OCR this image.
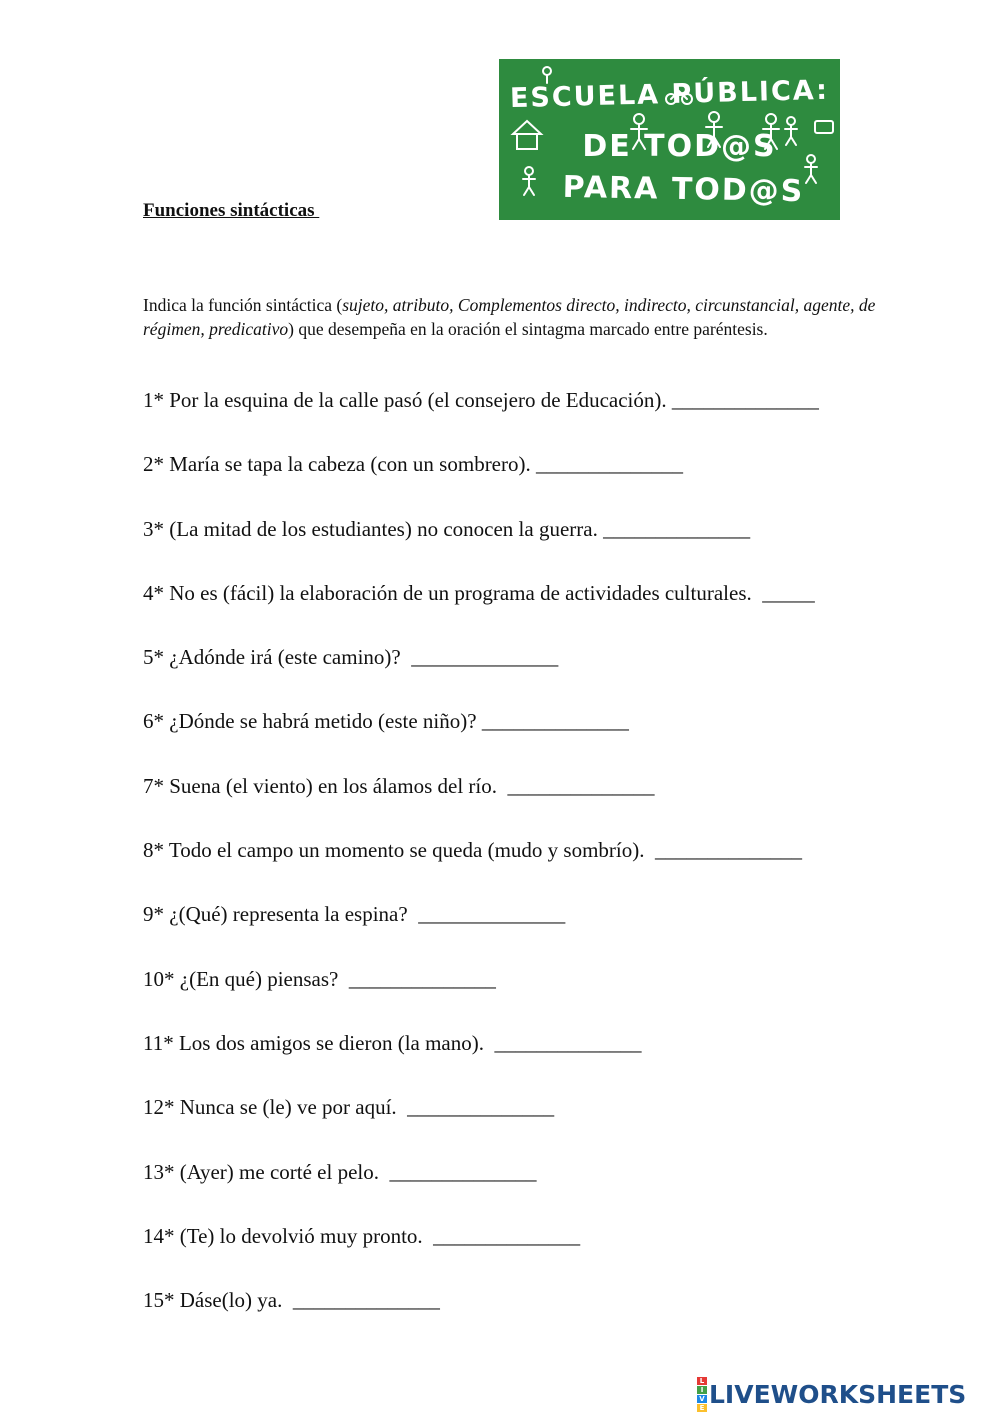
ESCUELA PÚBLICA:
DE TOD@S
PARA TOD@S
Funciones sintácticas
Indica la función sintáctica (sujeto, atributo, Complementos directo, indirecto, circunstancial, agente, de régimen, predicativo) que desempeña en la oración el sintagma marcado entre paréntesis.
1* Por la esquina de la calle pasó (el consejero de Educación). ______________
2* María se tapa la cabeza (con un sombrero). ______________
3* (La mitad de los estudiantes) no conocen la guerra. ______________
4* No es (fácil) la elaboración de un programa de actividades culturales. _____
5* ¿Adónde irá (este camino)? ______________
6* ¿Dónde se habrá metido (este niño)? ______________
7* Suena (el viento) en los álamos del río. ______________
8* Todo el campo un momento se queda (mudo y sombrío). ______________
9* ¿(Qué) representa la espina? ______________
10* ¿(En qué) piensas? ______________
11* Los dos amigos se dieron (la mano). ______________
12* Nunca se (le) ve por aquí. ______________
13* (Ayer) me corté el pelo. ______________
14* (Te) lo devolvió muy pronto. ______________
15* Dáse(lo) ya. ______________
L
I
V
E LIVEWORKSHEETS
